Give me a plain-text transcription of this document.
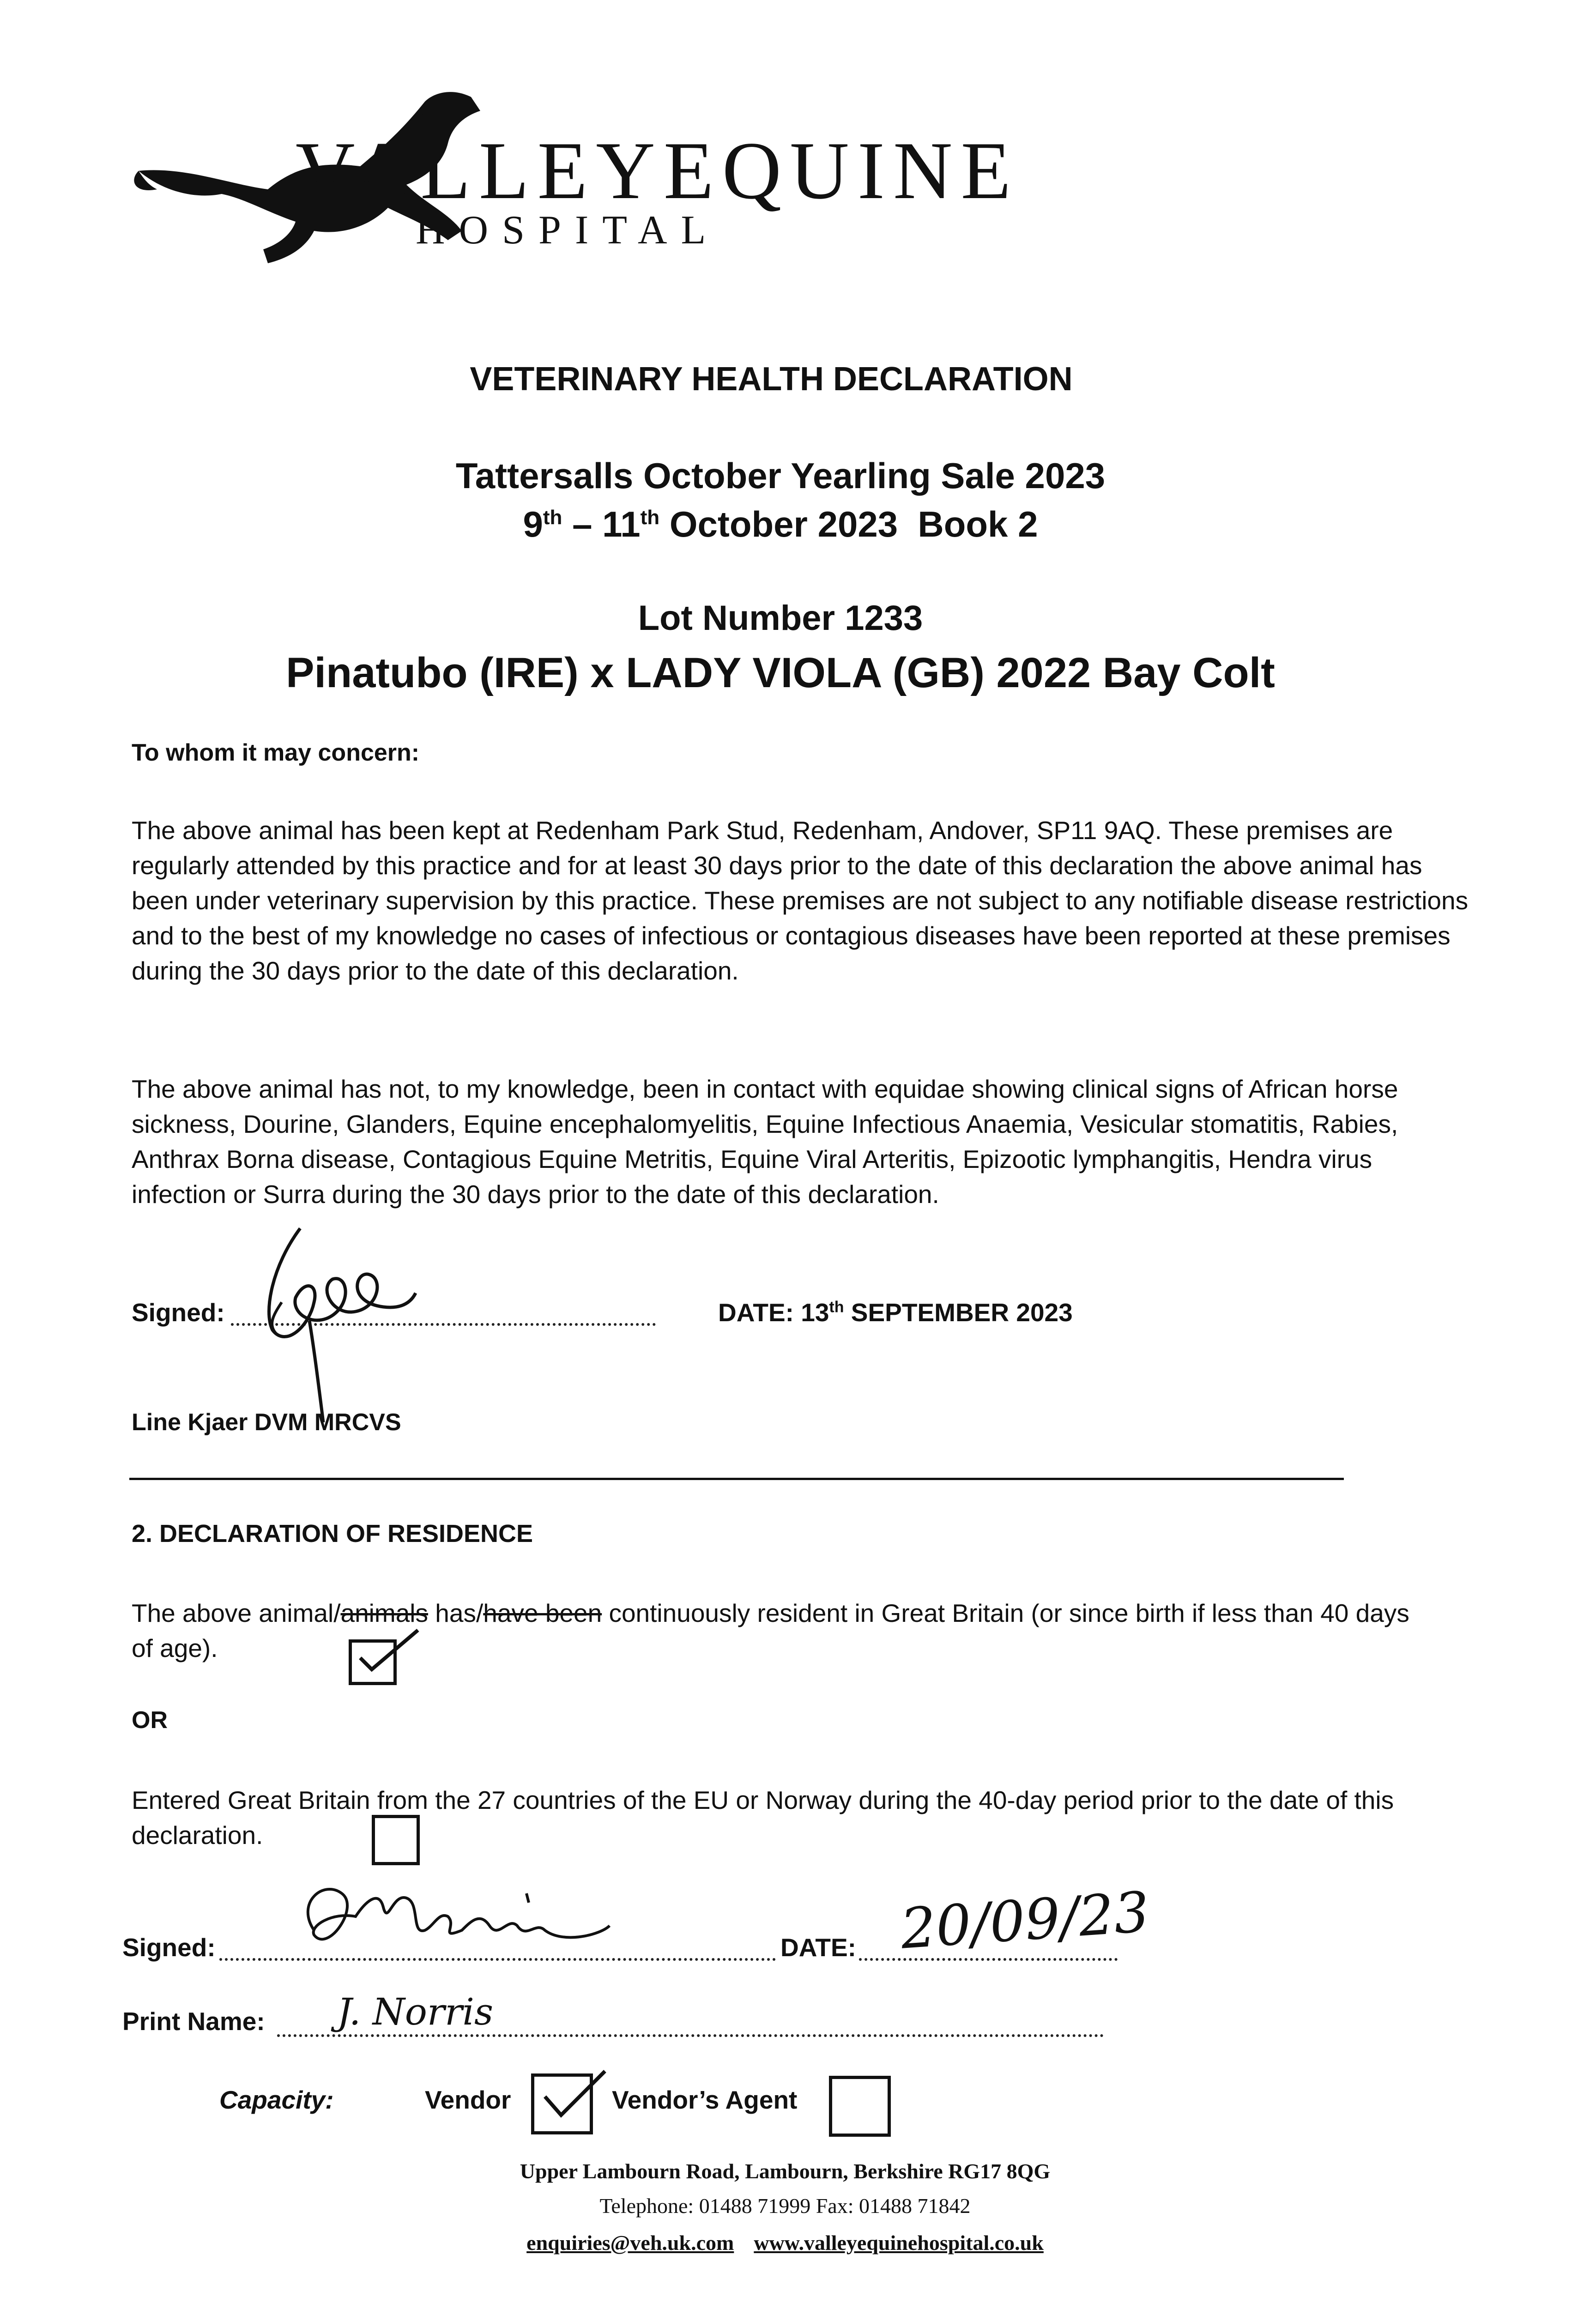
VALLEYEQUINE
HOSPITAL
VETERINARY HEALTH DECLARATION
Tattersalls October Yearling Sale 2023
9th – 11th October 2023  Book 2
Lot Number 1233
Pinatubo (IRE) x LADY VIOLA (GB) 2022 Bay Colt
To whom it may concern:
The above animal has been kept at Redenham Park Stud, Redenham, Andover, SP11 9AQ. These premises are regularly attended by this practice and for at least 30 days prior to the date of this declaration the above animal has been under veterinary supervision by this practice. These premises are not subject to any notifiable disease restrictions and to the best of my knowledge no cases of infectious or contagious diseases have been reported at these premises during the 30 days prior to the date of this declaration.
The above animal has not, to my knowledge, been in contact with equidae showing clinical signs of African horse sickness, Dourine, Glanders, Equine encephalomyelitis, Equine Infectious Anaemia, Vesicular stomatitis, Rabies, Anthrax Borna disease, Contagious Equine Metritis, Equine Viral Arteritis, Epizootic lymphangitis, Hendra virus infection or Surra during the 30 days prior to the date of this declaration.
Signed:	DATE: 13th SEPTEMBER 2023
Line Kjaer DVM MRCVS
2. DECLARATION OF RESIDENCE
The above animal/animals has/have been continuously resident in Great Britain (or since birth if less than 40 days of age).
OR
Entered Great Britain from the 27 countries of the EU or Norway during the 40-day period prior to the date of this declaration.
Signed:	DATE: 20/09/23
Print Name: J. Norris
Capacity:	Vendor	Vendor’s Agent
Upper Lambourn Road, Lambourn, Berkshire RG17 8QG
Telephone: 01488 71999 Fax: 01488 71842
enquiries@veh.uk.com www.valleyequinehospital.co.uk
